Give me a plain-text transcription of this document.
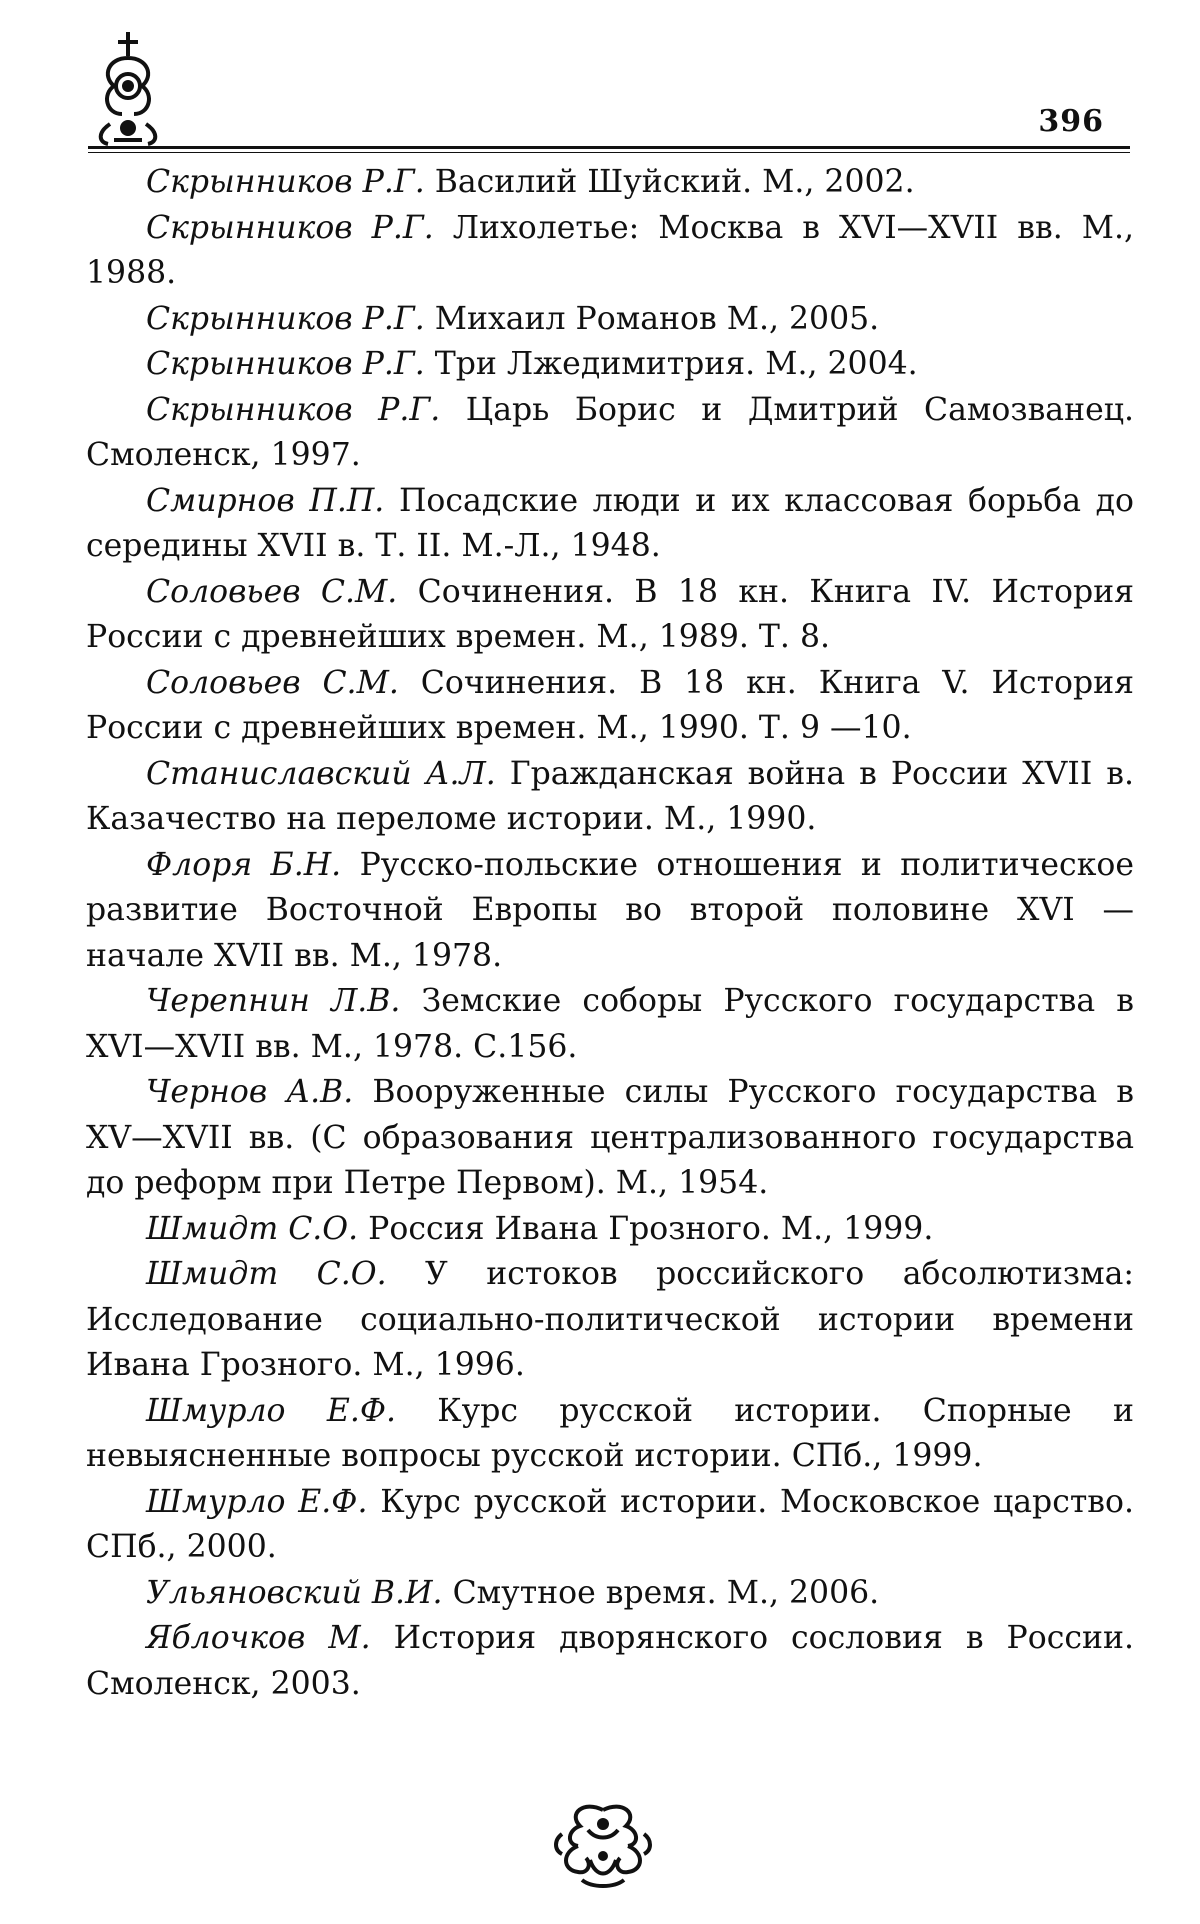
396

Скрынников Р.Г. Василий Шуйский. М., 2002.

Скрынников Р.Г. Лихолетье: Москва в XVI—XVII вв. М., 1988.

Скрынников Р.Г. Михаил Романов М., 2005.

Скрынников Р.Г. Три Лжедимитрия. М., 2004.

Скрынников Р.Г. Царь Борис и Дмитрий Самозванец. Смоленск, 1997.

Смирнов П.П. Посадские люди и их классовая борьба до середины XVII в. Т. II. М.-Л., 1948.

Соловьев С.М. Сочинения. В 18 кн. Книга IV. История России с древнейших времен. М., 1989. Т. 8.

Соловьев С.М. Сочинения. В 18 кн. Книга V. История России с древнейших времен. М., 1990. Т. 9 —10.

Станиславский А.Л. Гражданская война в России XVII в. Казачество на переломе истории. М., 1990.

Флоря Б.Н. Русско-польские отношения и политическое развитие Восточной Европы во второй половине XVI — начале XVII вв. М., 1978.

Черепнин Л.В. Земские соборы Русского государства в XVI—XVII вв. М., 1978. С.156.

Чернов А.В. Вооруженные силы Русского государства в XV—XVII вв. (С образования централизованного государства до реформ при Петре Первом). М., 1954.

Шмидт С.О. Россия Ивана Грозного. М., 1999.

Шмидт С.О. У истоков российского абсолютизма: Исследование социально-политической истории времени Ивана Грозного. М., 1996.

Шмурло Е.Ф. Курс русской истории. Спорные и невыясненные вопросы русской истории. СПб., 1999.

Шмурло Е.Ф. Курс русской истории. Московское царство. СПб., 2000.

Ульяновский В.И. Смутное время. М., 2006.

Яблочков М. История дворянского сословия в России. Смоленск, 2003.
